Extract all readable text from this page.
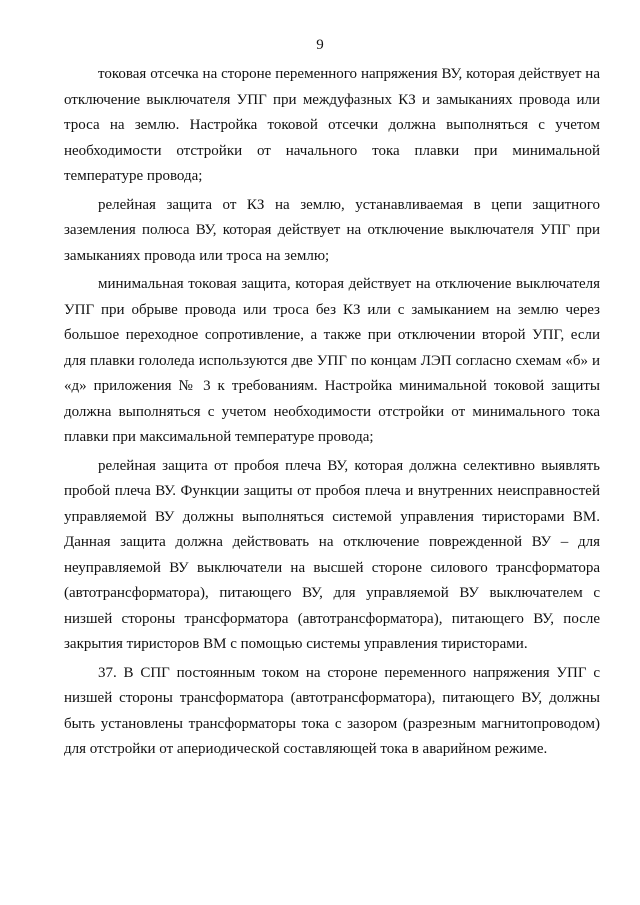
9

токовая отсечка на стороне переменного напряжения ВУ, которая действует на отключение выключателя УПГ при междуфазных КЗ и замыканиях провода или троса на землю. Настройка токовой отсечки должна выполняться с учетом необходимости отстройки от начального тока плавки при минимальной температуре провода;

релейная защита от КЗ на землю, устанавливаемая в цепи защитного заземления полюса ВУ, которая действует на отключение выключателя УПГ при замыканиях провода или троса на землю;

минимальная токовая защита, которая действует на отключение выключателя УПГ при обрыве провода или троса без КЗ или с замыканием на землю через большое переходное сопротивление, а также при отключении второй УПГ, если для плавки гололеда используются две УПГ по концам ЛЭП согласно схемам «б» и «д» приложения № 3 к требованиям. Настройка минимальной токовой защиты должна выполняться с учетом необходимости отстройки от минимального тока плавки при максимальной температуре провода;

релейная защита от пробоя плеча ВУ, которая должна селективно выявлять пробой плеча ВУ. Функции защиты от пробоя плеча и внутренних неисправностей управляемой ВУ должны выполняться системой управления тиристорами ВМ. Данная защита должна действовать на отключение поврежденной ВУ – для неуправляемой ВУ выключатели на высшей стороне силового трансформатора (автотрансформатора), питающего ВУ, для управляемой ВУ выключателем с низшей стороны трансформатора (автотрансформатора), питающего ВУ, после закрытия тиристоров ВМ с помощью системы управления тиристорами.

37. В СПГ постоянным током на стороне переменного напряжения УПГ с низшей стороны трансформатора (автотрансформатора), питающего ВУ, должны быть установлены трансформаторы тока с зазором (разрезным магнитопроводом) для отстройки от апериодической составляющей тока в аварийном режиме.
